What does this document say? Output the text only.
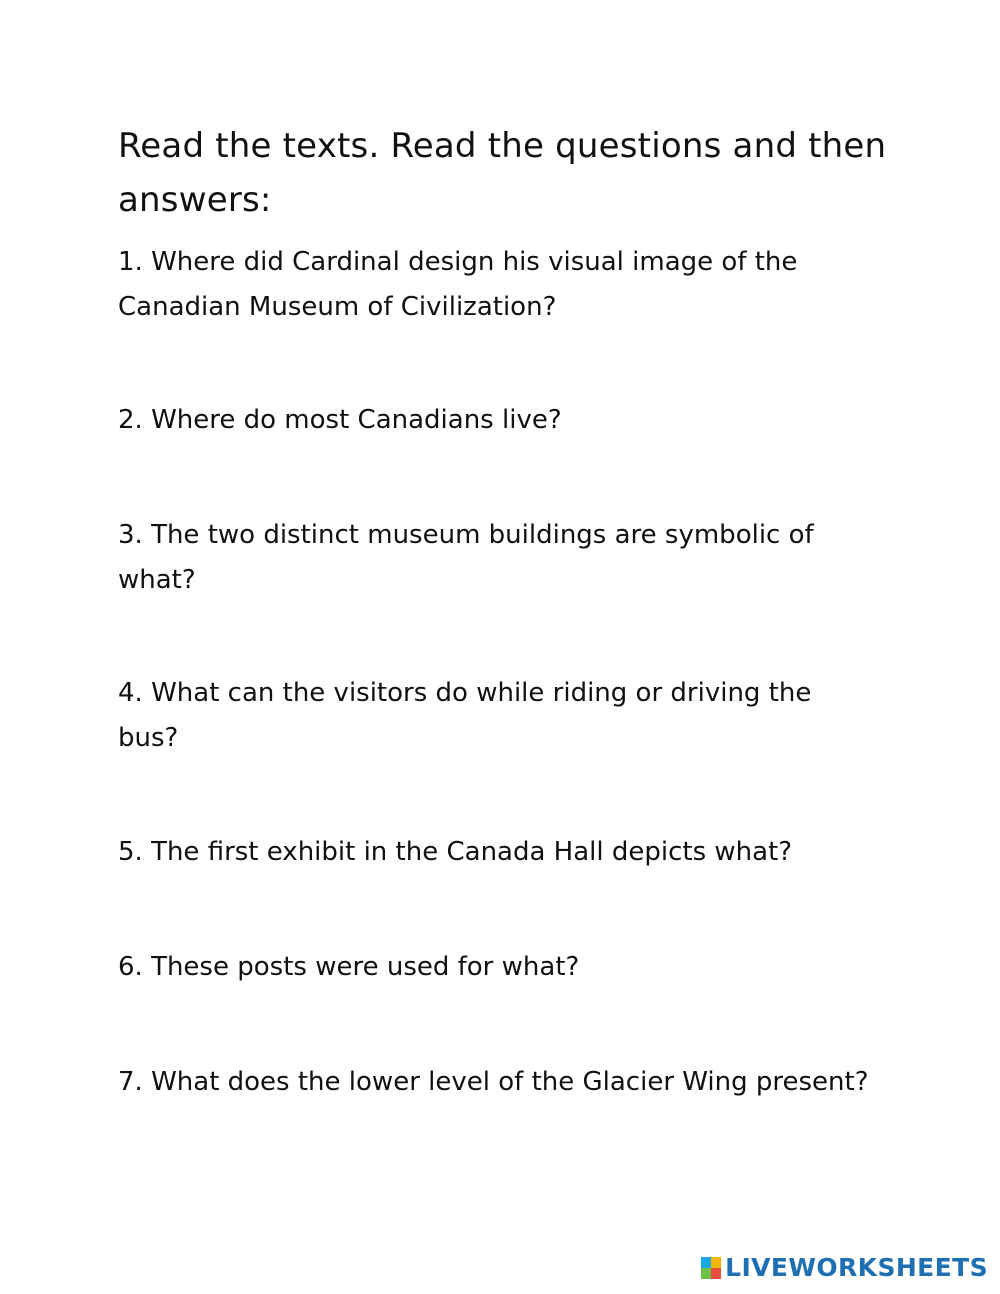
Read the texts. Read the questions and then answers:

1. Where did Cardinal design his visual image of the Canadian Museum of Civilization?

2. Where do most Canadians live?

3. The two distinct museum buildings are symbolic of what?

4. What can the visitors do while riding or driving the bus?

5. The first exhibit in the Canada Hall depicts what?

6. These posts were used for what?

7. What does the lower level of the Glacier Wing present?

LIVEWORKSHEETS
